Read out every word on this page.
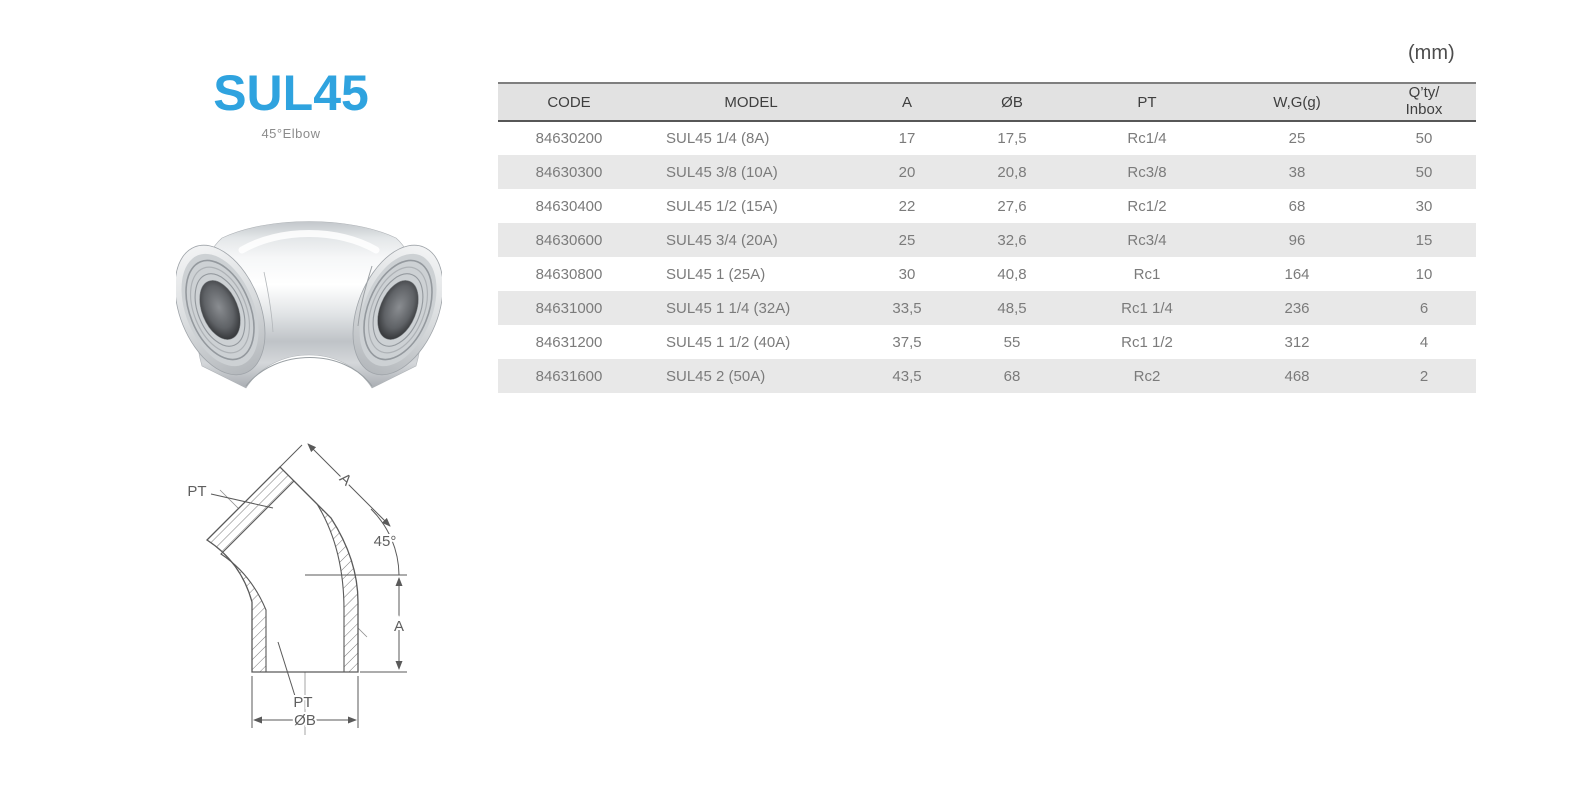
SUL45
45°Elbow
A
45°
A
ØB
PT
PT
(mm)
CODE	MODEL	A	ØB	PT	W,G(g)	Q’ty/
Inbox

84630200	SUL45 1/4 (8A)	17	17,5	Rc1/4	25	50
84630300	SUL45 3/8 (10A)	20	20,8	Rc3/8	38	50
84630400	SUL45 1/2 (15A)	22	27,6	Rc1/2	68	30
84630600	SUL45 3/4 (20A)	25	32,6	Rc3/4	96	15
84630800	SUL45 1 (25A)	30	40,8	Rc1	164	10
84631000	SUL45 1 1/4 (32A)	33,5	48,5	Rc1 1/4	236	6
84631200	SUL45 1 1/2 (40A)	37,5	55	Rc1 1/2	312	4
84631600	SUL45 2 (50A)	43,5	68	Rc2	468	2
